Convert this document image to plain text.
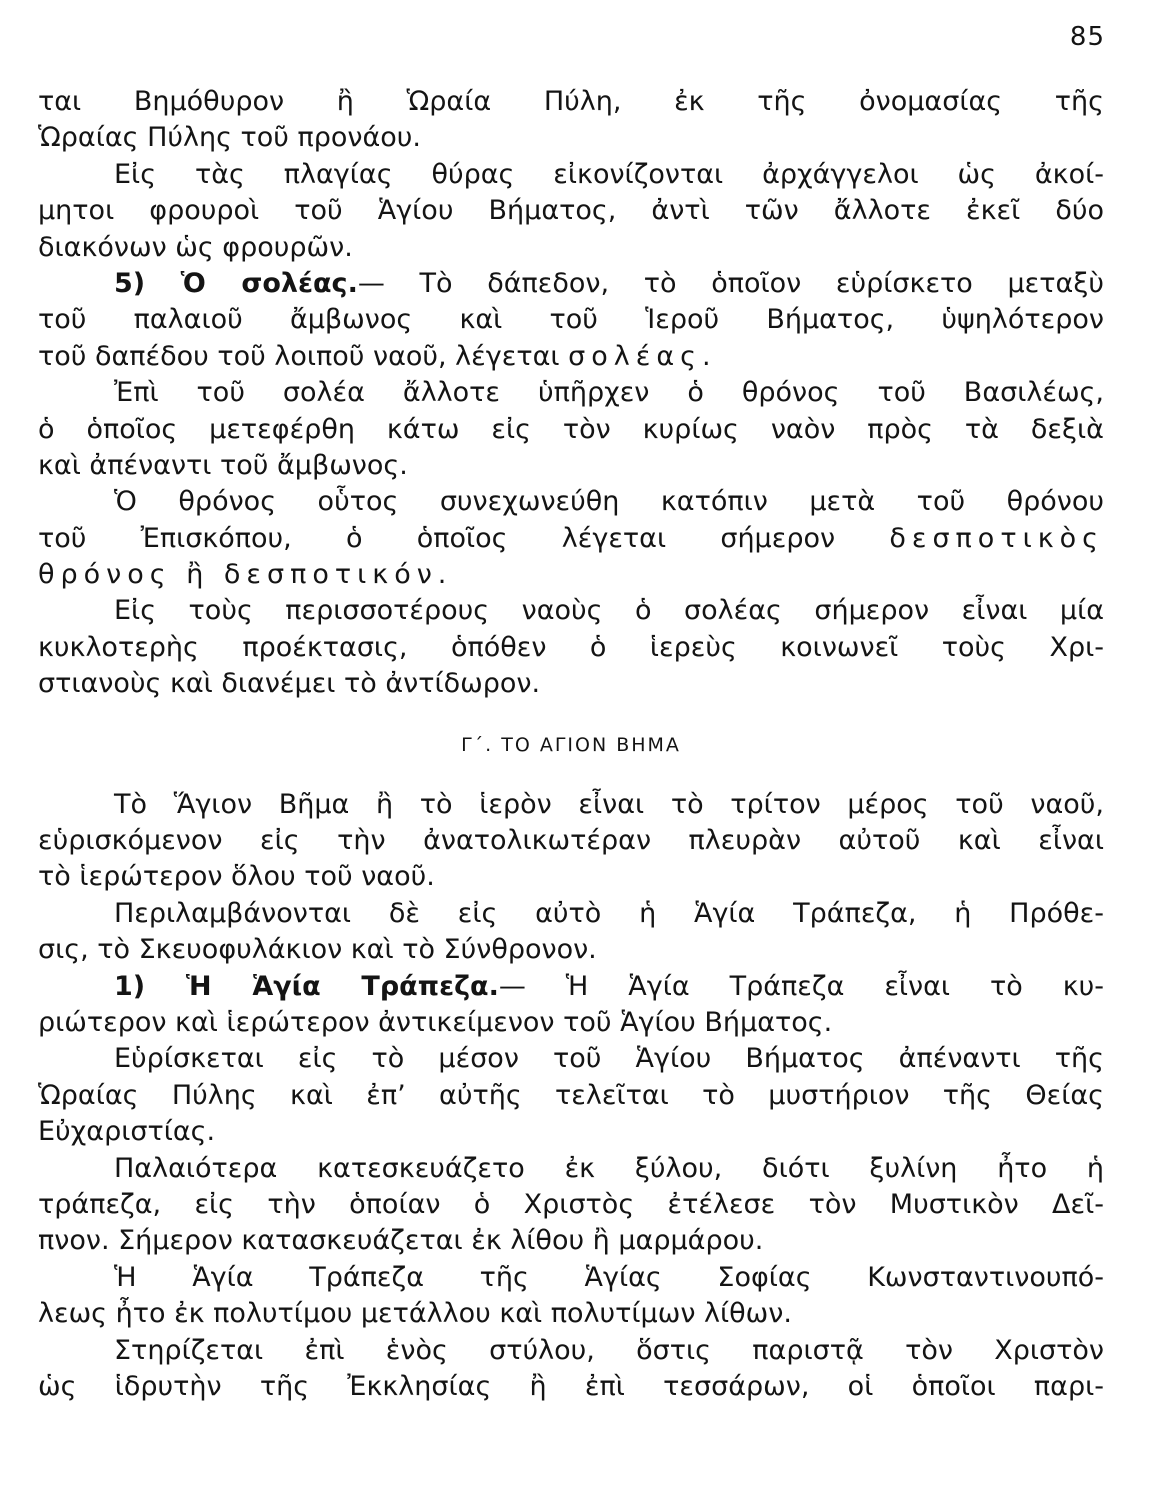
85
ται Βημόθυρον ἢ Ὡραία Πύλη, ἐκ τῆς ὀνομασίας τῆς
Ὡραίας Πύλης τοῦ προνάου.
Εἰς τὰς πλαγίας θύρας εἰκονίζονται ἀρχάγγελοι ὡς ἀκοί-
μητοι φρουροὶ τοῦ Ἁγίου Βήματος, ἀντὶ τῶν ἄλλοτε ἐκεῖ δύο
διακόνων ὡς φρουρῶν.
5) Ὁ σολέας.— Τὸ δάπεδον, τὸ ὁποῖον εὑρίσκετο μεταξὺ
τοῦ παλαιοῦ ἄμβωνος καὶ τοῦ Ἱεροῦ Βήματος, ὑψηλότερον
τοῦ δαπέδου τοῦ λοιποῦ ναοῦ, λέγεται σολέας.
Ἐπὶ τοῦ σολέα ἄλλοτε ὑπῆρχεν ὁ θρόνος τοῦ Βασιλέως,
ὁ ὁποῖος μετεφέρθη κάτω εἰς τὸν κυρίως ναὸν πρὸς τὰ δεξιὰ
καὶ ἀπέναντι τοῦ ἄμβωνος.
Ὁ θρόνος οὗτος συνεχωνεύθη κατόπιν μετὰ τοῦ θρόνου
τοῦ Ἐπισκόπου, ὁ ὁποῖος λέγεται σήμερον δεσποτικὸς
θρόνος ἢ δεσποτικόν.
Εἰς τοὺς περισσοτέρους ναοὺς ὁ σολέας σήμερον εἶναι μία
κυκλοτερὴς προέκτασις, ὁπόθεν ὁ ἱερεὺς κοινωνεῖ τοὺς Χρι-
στιανοὺς καὶ διανέμει τὸ ἀντίδωρον.
Γ΄. ΤΟ ΑΓΙΟΝ ΒΗΜΑ
Τὸ Ἅγιον Βῆμα ἢ τὸ ἱερὸν εἶναι τὸ τρίτον μέρος τοῦ ναοῦ,
εὑρισκόμενον εἰς τὴν ἀνατολικωτέραν πλευρὰν αὐτοῦ καὶ εἶναι
τὸ ἱερώτερον ὅλου τοῦ ναοῦ.
Περιλαμβάνονται δὲ εἰς αὐτὸ ἡ Ἁγία Τράπεζα, ἡ Πρόθε-
σις, τὸ Σκευοφυλάκιον καὶ τὸ Σύνθρονον.
1) Ἡ Ἁγία Τράπεζα.— Ἡ Ἁγία Τράπεζα εἶναι τὸ κυ-
ριώτερον καὶ ἱερώτερον ἀντικείμενον τοῦ Ἁγίου Βήματος.
Εὑρίσκεται εἰς τὸ μέσον τοῦ Ἁγίου Βήματος ἀπέναντι τῆς
Ὡραίας Πύλης καὶ ἐπ’ αὐτῆς τελεῖται τὸ μυστήριον τῆς Θείας
Εὐχαριστίας.
Παλαιότερα κατεσκευάζετο ἐκ ξύλου, διότι ξυλίνη ἦτο ἡ
τράπεζα, εἰς τὴν ὁποίαν ὁ Χριστὸς ἐτέλεσε τὸν Μυστικὸν Δεῖ-
πνον. Σήμερον κατασκευάζεται ἐκ λίθου ἢ μαρμάρου.
Ἡ Ἁγία Τράπεζα τῆς Ἁγίας Σοφίας Κωνσταντινουπό-
λεως ἦτο ἐκ πολυτίμου μετάλλου καὶ πολυτίμων λίθων.
Στηρίζεται ἐπὶ ἑνὸς στύλου, ὅστις παριστᾷ τὸν Χριστὸν
ὡς ἱδρυτὴν τῆς Ἐκκλησίας ἢ ἐπὶ τεσσάρων, οἱ ὁποῖοι παρι-
